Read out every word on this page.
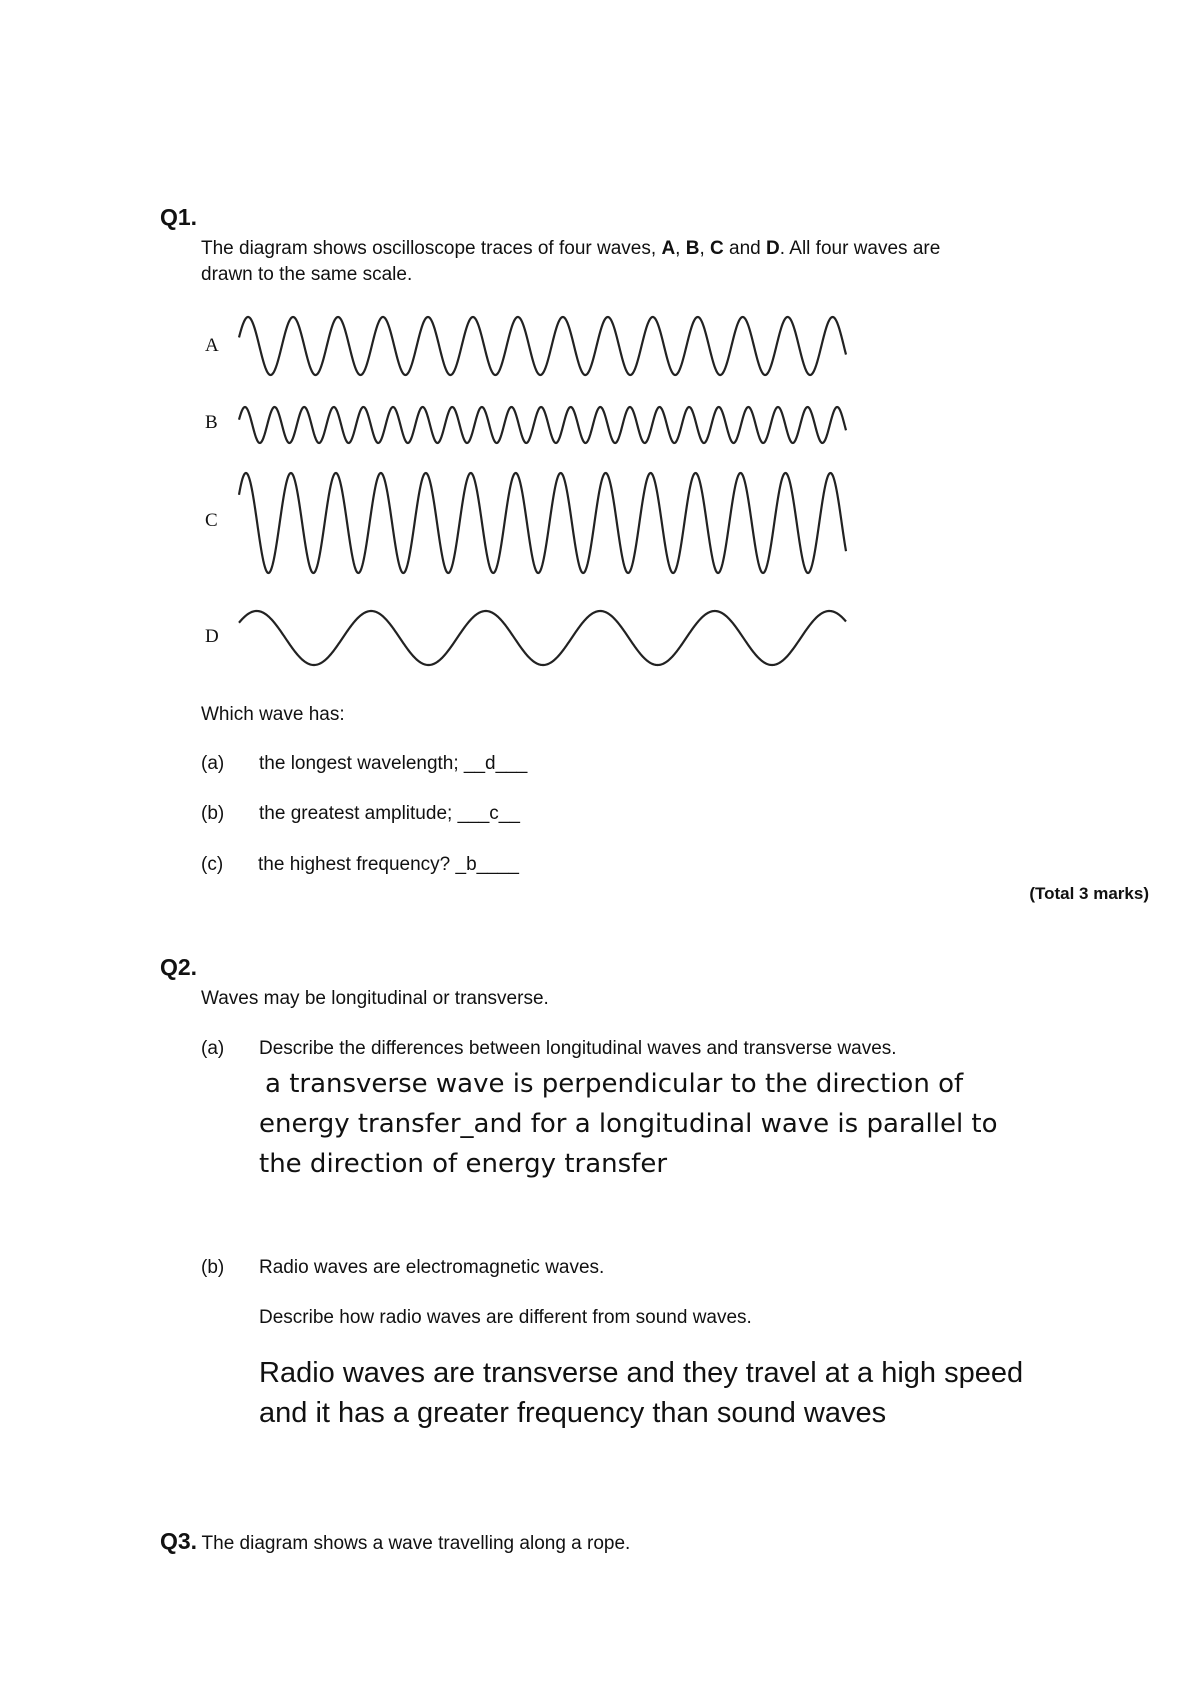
Q1.
The diagram shows oscilloscope traces of four waves, A, B, C and D. All four waves are
drawn to the same scale.
A
B
C
D
Which wave has:
(a) the longest wavelength; __d___
(b) the greatest amplitude; ___c__
(c) the highest frequency? _b____
(Total 3 marks)
Q2.
Waves may be longitudinal or transverse.
(a) Describe the differences between longitudinal waves and transverse waves.
a transverse wave is perpendicular to the direction of energy transfer_and for a longitudinal wave is parallel to the direction of energy transfer
(b) Radio waves are electromagnetic waves.
Describe how radio waves are different from sound waves.
Radio waves are transverse and they travel at a high speed and it has a greater frequency than sound waves
Q3. The diagram shows a wave travelling along a rope.
